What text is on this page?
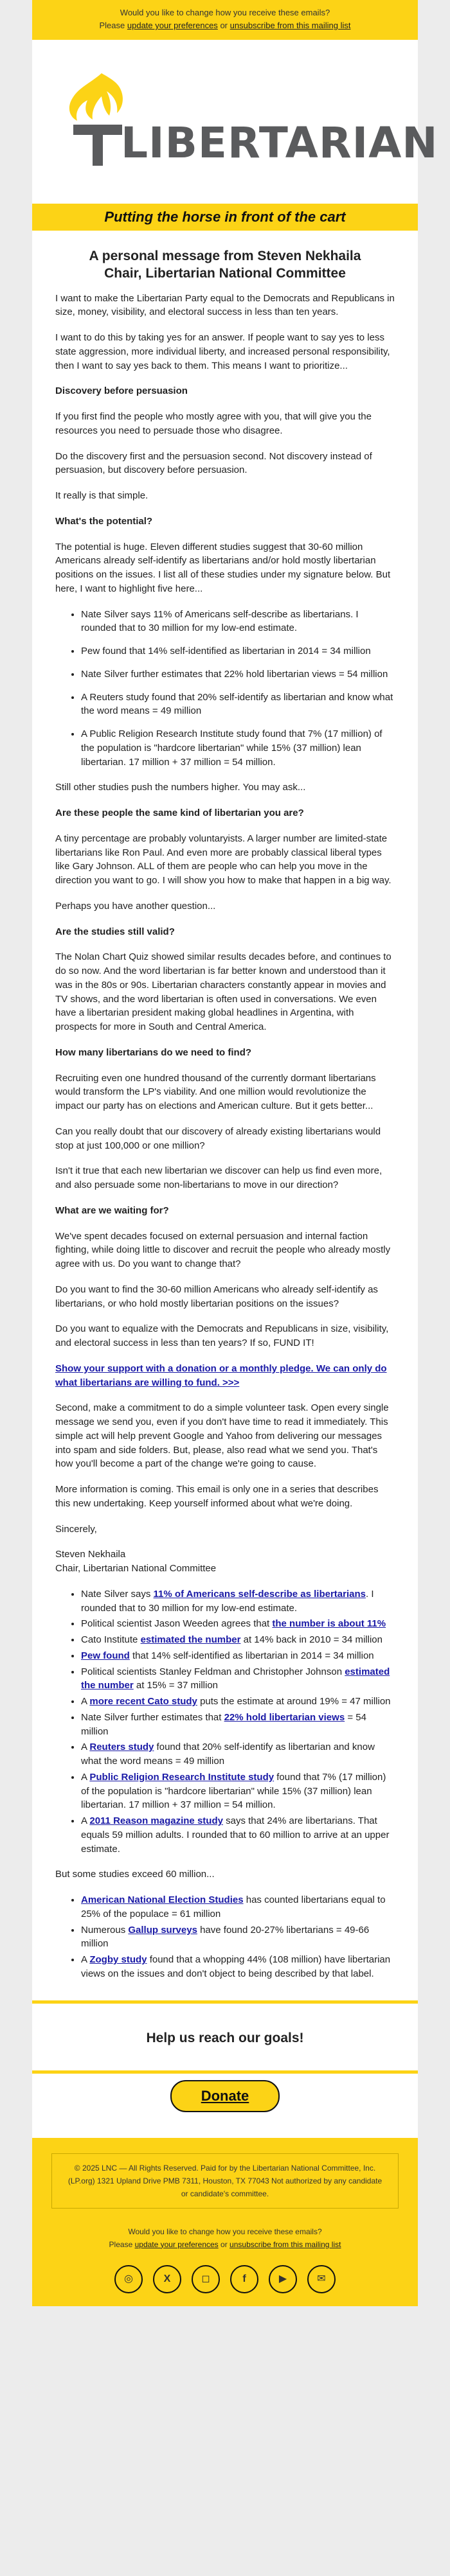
Would you like to change how you receive these emails?
Please update your preferences or unsubscribe from this mailing list
LIBERTARIAN
Putting the horse in front of the cart
A personal message from Steven Nekhaila
Chair, Libertarian National Committee

I want to make the Libertarian Party equal to the Democrats and Republicans in size, money, visibility, and electoral success in less than ten years.

I want to do this by taking yes for an answer. If people want to say yes to less state aggression, more individual liberty, and increased personal responsibility, then I want to say yes back to them. This means I want to prioritize...

Discovery before persuasion

If you first find the people who mostly agree with you, that will give you the resources you need to persuade those who disagree.

Do the discovery first and the persuasion second. Not discovery instead of persuasion, but discovery before persuasion.

It really is that simple.

What's the potential?

The potential is huge. Eleven different studies suggest that 30-60 million Americans already self-identify as libertarians and/or hold mostly libertarian positions on the issues. I list all of these studies under my signature below. But here, I want to highlight five here...

• Nate Silver says 11% of Americans self-describe as libertarians. I rounded that to 30 million for my low-end estimate.
• Pew found that 14% self-identified as libertarian in 2014 = 34 million
• Nate Silver further estimates that 22% hold libertarian views = 54 million
• A Reuters study found that 20% self-identify as libertarian and know what the word means = 49 million
• A Public Religion Research Institute study found that 7% (17 million) of the population is "hardcore libertarian" while 15% (37 million) lean libertarian. 17 million + 37 million = 54 million.

Still other studies push the numbers higher. You may ask...

Are these people the same kind of libertarian you are?

A tiny percentage are probably voluntaryists. A larger number are limited-state libertarians like Ron Paul. And even more are probably classical liberal types like Gary Johnson. ALL of them are people who can help you move in the direction you want to go. I will show you how to make that happen in a big way.

Perhaps you have another question...

Are the studies still valid?

The Nolan Chart Quiz showed similar results decades before, and continues to do so now. And the word libertarian is far better known and understood than it was in the 80s or 90s. Libertarian characters constantly appear in movies and TV shows, and the word libertarian is often used in conversations. We even have a libertarian president making global headlines in Argentina, with prospects for more in South and Central America.

How many libertarians do we need to find?

Recruiting even one hundred thousand of the currently dormant libertarians would transform the LP's viability. And one million would revolutionize the impact our party has on elections and American culture. But it gets better...

Can you really doubt that our discovery of already existing libertarians would stop at just 100,000 or one million?

Isn't it true that each new libertarian we discover can help us find even more, and also persuade some non-libertarians to move in our direction?

What are we waiting for?

We've spent decades focused on external persuasion and internal faction fighting, while doing little to discover and recruit the people who already mostly agree with us. Do you want to change that?

Do you want to find the 30-60 million Americans who already self-identify as libertarians, or who hold mostly libertarian positions on the issues?

Do you want to equalize with the Democrats and Republicans in size, visibility, and electoral success in less than ten years? If so, FUND IT!

Show your support with a donation or a monthly pledge. We can only do what libertarians are willing to fund. >>>

Second, make a commitment to do a simple volunteer task. Open every single message we send you, even if you don't have time to read it immediately. This simple act will help prevent Google and Yahoo from delivering our messages into spam and side folders. But, please, also read what we send you. That's how you'll become a part of the change we're going to cause.

More information is coming. This email is only one in a series that describes this new undertaking. Keep yourself informed about what we're doing.

Sincerely,

Steven Nekhaila
Chair, Libertarian National Committee

• Nate Silver says 11% of Americans self-describe as libertarians. I rounded that to 30 million for my low-end estimate.
• Political scientist Jason Weeden agrees that the number is about 11%
• Cato Institute estimated the number at 14% back in 2010 = 34 million
• Pew found that 14% self-identified as libertarian in 2014 = 34 million
• Political scientists Stanley Feldman and Christopher Johnson estimated the number at 15% = 37 million
• A more recent Cato study puts the estimate at around 19% = 47 million
• Nate Silver further estimates that 22% hold libertarian views = 54 million
• A Reuters study found that 20% self-identify as libertarian and know what the word means = 49 million
• A Public Religion Research Institute study found that 7% (17 million) of the population is "hardcore libertarian" while 15% (37 million) lean libertarian. 17 million + 37 million = 54 million.
• A 2011 Reason magazine study says that 24% are libertarians. That equals 59 million adults. I rounded that to 60 million to arrive at an upper estimate.

But some studies exceed 60 million...

• American National Election Studies has counted libertarians equal to 25% of the populace = 61 million
• Numerous Gallup surveys have found 20-27% libertarians = 49-66 million
• A Zogby study found that a whopping 44% (108 million) have libertarian views on the issues and don't object to being described by that label.
Help us reach our goals!
Donate
© 2025 LNC — All Rights Reserved. Paid for by the Libertarian National Committee, Inc. (LP.org) 1321 Upland Drive PMB 7311, Houston, TX 77043 Not authorized by any candidate or candidate's committee.
Would you like to change how you receive these emails?
Please update your preferences or unsubscribe from this mailing list
◎	X	◻	f	▶	✉
